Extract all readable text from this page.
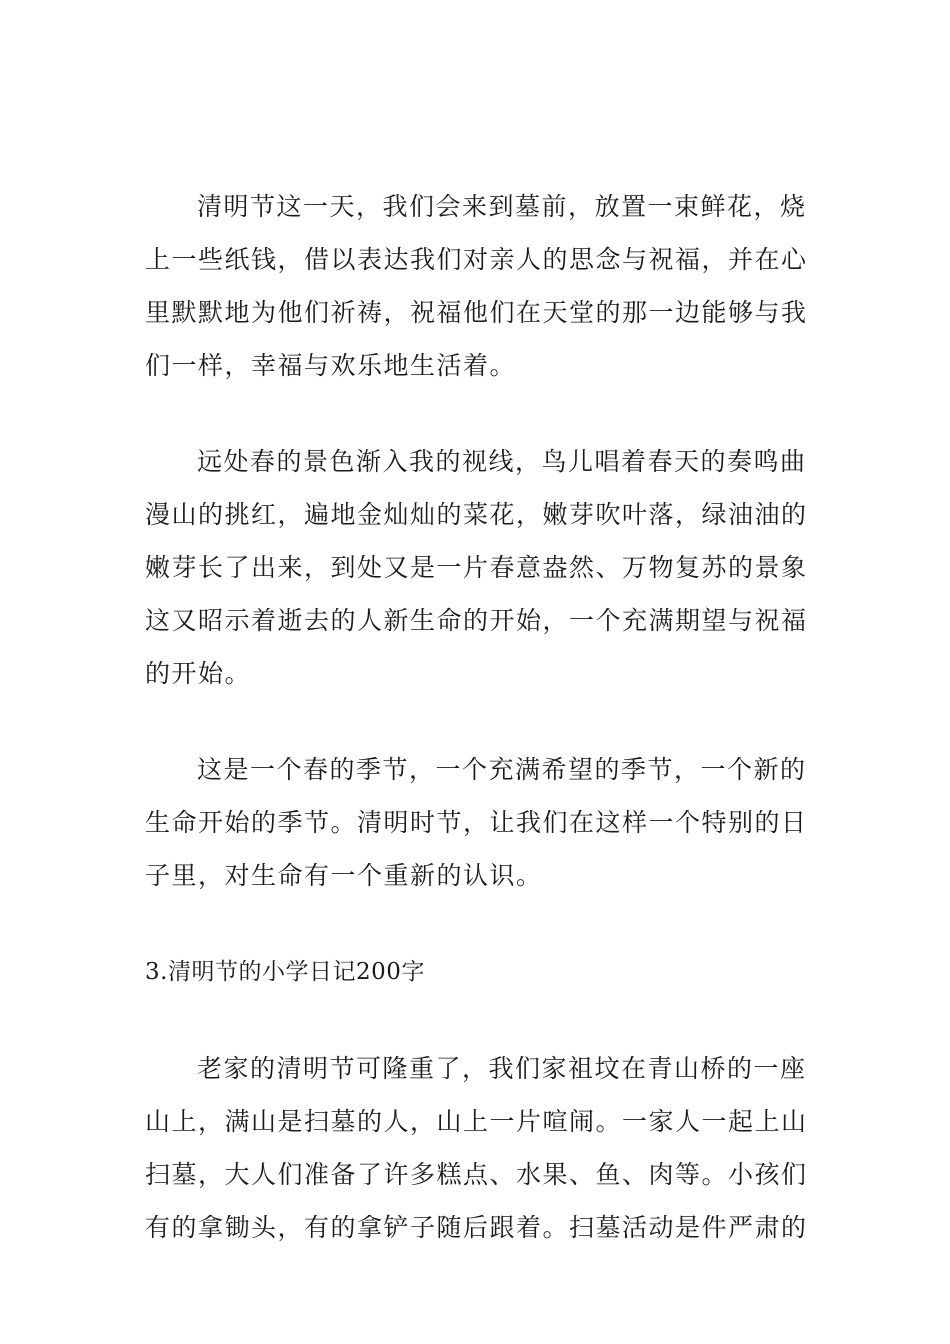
清明节这一天，我们会来到墓前，放置一束鲜花，烧
上一些纸钱，借以表达我们对亲人的思念与祝福，并在心
里默默地为他们祈祷，祝福他们在天堂的那一边能够与我
们一样，幸福与欢乐地生活着。
远处春的景色渐入我的视线，鸟儿唱着春天的奏鸣曲
漫山的挑红，遍地金灿灿的菜花，嫩芽吹叶落，绿油油的
嫩芽长了出来，到处又是一片春意盎然、万物复苏的景象
这又昭示着逝去的人新生命的开始，一个充满期望与祝福
的开始。
这是一个春的季节，一个充满希望的季节，一个新的
生命开始的季节。清明时节，让我们在这样一个特别的日
子里，对生命有一个重新的认识。
3.清明节的小学日记200字
老家的清明节可隆重了，我们家祖坟在青山桥的一座
山上，满山是扫墓的人，山上一片喧闹。一家人一起上山
扫墓，大人们准备了许多糕点、水果、鱼、肉等。小孩们
有的拿锄头，有的拿铲子随后跟着。扫墓活动是件严肃的
